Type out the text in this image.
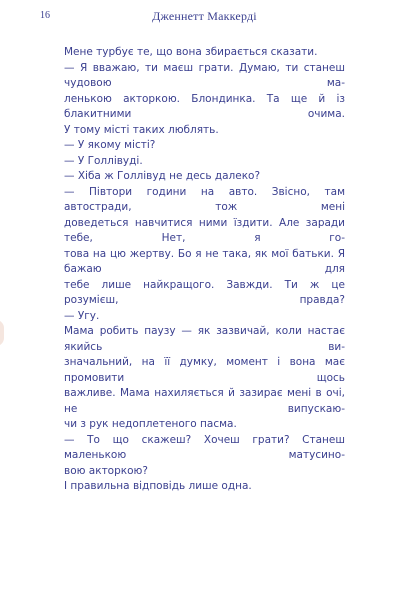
16	Дженнетт Маккерді
Мене турбує те, що вона збирається сказати.
— Я вважаю, ти маєш грати. Думаю, ти станеш чудовою ма-
ленькою акторкою. Блондинка. Та ще й із блакитними очима.
У тому місті таких люблять.
— У якому місті?
— У Голлівуді.
— Хіба ж Голлівуд не десь далеко?
— Півтори години на авто. Звісно, там автостради, тож мені
доведеться навчитися ними їздити. Але заради тебе, Нет, я го-
това на цю жертву. Бо я не така, як мої батьки. Я бажаю для
тебе лише найкращого. Завжди. Ти ж це розумієш, правда?
— Угу.
Мама робить паузу — як зазвичай, коли настає якийсь ви-
значальний, на її думку, момент і вона має промовити щось
важливе. Мама нахиляється й зазирає мені в очі, не випускаю-
чи з рук недоплетеного пасма.
— То що скажеш? Хочеш грати? Станеш маленькою матусино-
вою акторкою?
І правильна відповідь лише одна.
